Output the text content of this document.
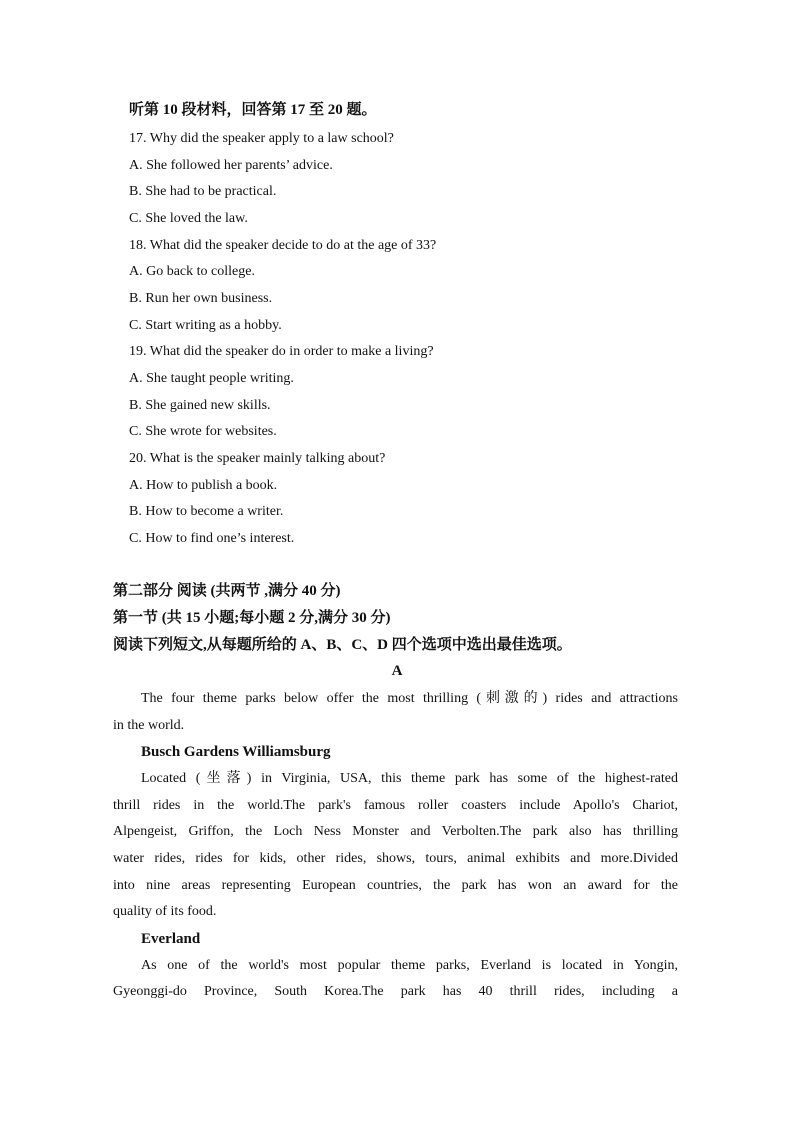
听第 10 段材料，回答第 17 至 20 题。
17. Why did the speaker apply to a law school?
A. She followed her parents’ advice.
B. She had to be practical.
C. She loved the law.
18. What did the speaker decide to do at the age of 33?
A. Go back to college.
B. Run her own business.
C. Start writing as a hobby.
19. What did the speaker do in order to make a living?
A. She taught people writing.
B. She gained new skills.
C. She wrote for websites.
20. What is the speaker mainly talking about?
A. How to publish a book.
B. How to become a writer.
C. How to find one’s interest.
第二部分 阅读 (共两节 ,满分 40 分)
第一节 (共 15 小题;每小题 2 分,满分 30 分)
阅读下列短文,从每题所给的 A、B、C、D 四个选项中选出最佳选项。
A
The four theme parks below offer the most thrilling (刺激的) rides and attractions
in the world.
Busch Gardens Williamsburg
Located (坐落) in Virginia, USA, this theme park has some of the highest-rated
thrill rides in the world.The park's famous roller coasters include Apollo's Chariot,
Alpengeist, Griffon, the Loch Ness Monster and Verbolten.The park also has thrilling
water rides, rides for kids, other rides, shows, tours, animal exhibits and more.Divided
into nine areas representing European countries, the park has won an award for the
quality of its food.
Everland
As one of the world's most popular theme parks, Everland is located in Yongin,
Gyeonggi-do Province, South Korea.The park has 40 thrill rides, including a
